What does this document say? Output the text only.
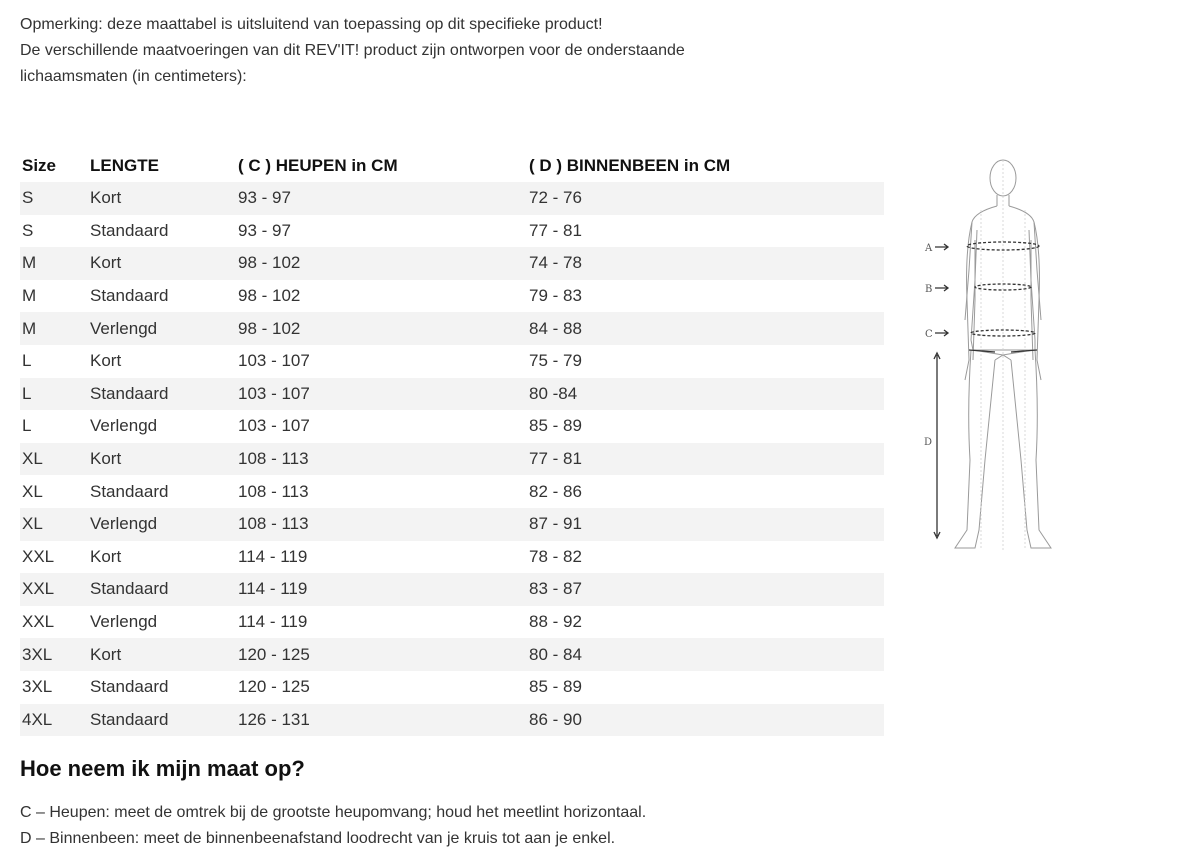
Opmerking: deze maattabel is uitsluitend van toepassing op dit specifieke product!
De verschillende maatvoeringen van dit REV'IT! product zijn ontworpen voor de onderstaande
lichaamsmaten (in centimeters):
Size	LENGTE	( C ) HEUPEN in CM	( D ) BINNENBEEN in CM
S	Kort	93 - 97	72 - 76
S	Standaard	93 - 97	77 - 81
M	Kort	98 - 102	74 - 78
M	Standaard	98 - 102	79 - 83
M	Verlengd	98 - 102	84 - 88
L	Kort	103 - 107	75 - 79
L	Standaard	103 - 107	80 -84
L	Verlengd	103 - 107	85 - 89
XL	Kort	108 - 113	77 - 81
XL	Standaard	108 - 113	82 - 86
XL	Verlengd	108 - 113	87 - 91
XXL	Kort	114 - 119	78 - 82
XXL	Standaard	114 - 119	83 - 87
XXL	Verlengd	114 - 119	88 - 92
3XL	Kort	120 - 125	80 - 84
3XL	Standaard	120 - 125	85 - 89
4XL	Standaard	126 - 131	86 - 90
A
B
C
D
Hoe neem ik mijn maat op?
C – Heupen: meet de omtrek bij de grootste heupomvang; houd het meetlint horizontaal.
D – Binnenbeen: meet de binnenbeenafstand loodrecht van je kruis tot aan je enkel.
